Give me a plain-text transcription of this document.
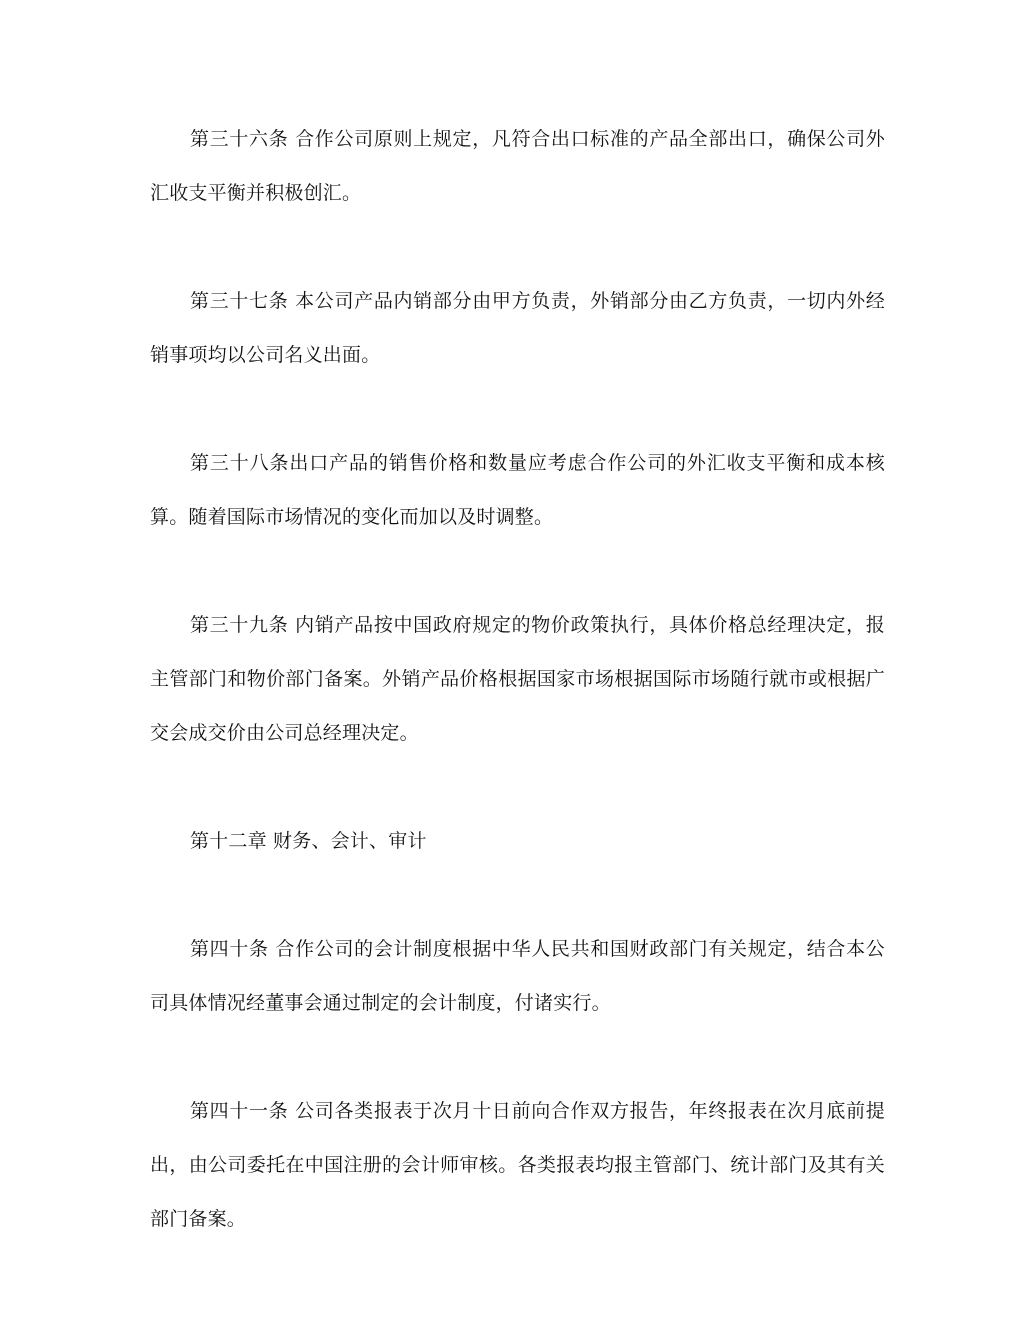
第三十六条 合作公司原则上规定，凡符合出口标准的产品全部出口，确保公司外汇收支平衡并积极创汇。

第三十七条 本公司产品内销部分由甲方负责，外销部分由乙方负责，一切内外经销事项均以公司名义出面。

第三十八条出口产品的销售价格和数量应考虑合作公司的外汇收支平衡和成本核算。随着国际市场情况的变化而加以及时调整。

第三十九条 内销产品按中国政府规定的物价政策执行，具体价格总经理决定，报主管部门和物价部门备案。外销产品价格根据国家市场根据国际市场随行就市或根据广交会成交价由公司总经理决定。

第十二章 财务、会计、审计

第四十条 合作公司的会计制度根据中华人民共和国财政部门有关规定，结合本公司具体情况经董事会通过制定的会计制度，付诸实行。

第四十一条 公司各类报表于次月十日前向合作双方报告，年终报表在次月底前提出，由公司委托在中国注册的会计师审核。各类报表均报主管部门、统计部门及其有关部门备案。
